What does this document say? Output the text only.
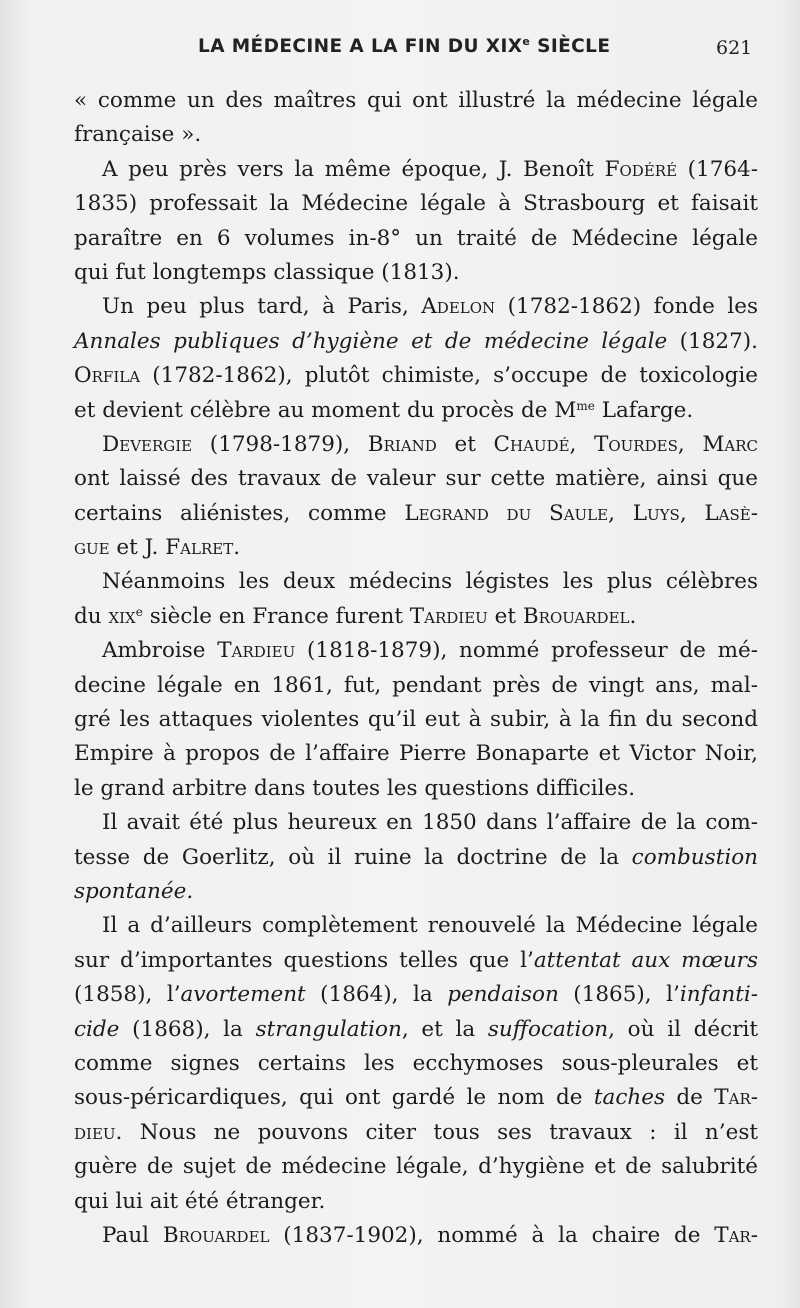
LA MÉDECINE A LA FIN DU XIXe SIÈCLE	621
« comme un des maîtres qui ont illustré la médecine légale
française ».
A peu près vers la même époque, J. Benoît Fodéré (1764-
1835) professait la Médecine légale à Strasbourg et faisait
paraître en 6 volumes in-8° un traité de Médecine légale
qui fut longtemps classique (1813).
Un peu plus tard, à Paris, Adelon (1782-1862) fonde les
Annales publiques d’hygiène et de médecine légale (1827).
Orfila (1782-1862), plutôt chimiste, s’occupe de toxicologie
et devient célèbre au moment du procès de $M^{me}$ Lafarge.
Devergie (1798-1879), Briand et Chaudé, Tourdes, Marc
ont laissé des travaux de valeur sur cette matière, ainsi que
certains aliénistes, comme Legrand du Saule, Luys, Lasè-
gue et J. Falret.
Néanmoins les deux médecins légistes les plus célèbres
du xix$^e$ siècle en France furent Tardieu et Brouardel.
Ambroise Tardieu (1818-1879), nommé professeur de mé-
decine légale en 1861, fut, pendant près de vingt ans, mal-
gré les attaques violentes qu’il eut à subir, à la fin du second
Empire à propos de l’affaire Pierre Bonaparte et Victor Noir,
le grand arbitre dans toutes les questions difficiles.
Il avait été plus heureux en 1850 dans l’affaire de la com-
tesse de Goerlitz, où il ruine la doctrine de la combustion
spontanée.
Il a d’ailleurs complètement renouvelé la Médecine légale
sur d’importantes questions telles que l’attentat aux mœurs
(1858), l’avortement (1864), la pendaison (1865), l’infanti-
cide (1868), la strangulation, et la suffocation, où il décrit
comme signes certains les ecchymoses sous-pleurales et
sous-péricardiques, qui ont gardé le nom de taches de Tar-
dieu. Nous ne pouvons citer tous ses travaux : il n’est
guère de sujet de médecine légale, d’hygiène et de salubrité
qui lui ait été étranger.
Paul Brouardel (1837-1902), nommé à la chaire de Tar-
